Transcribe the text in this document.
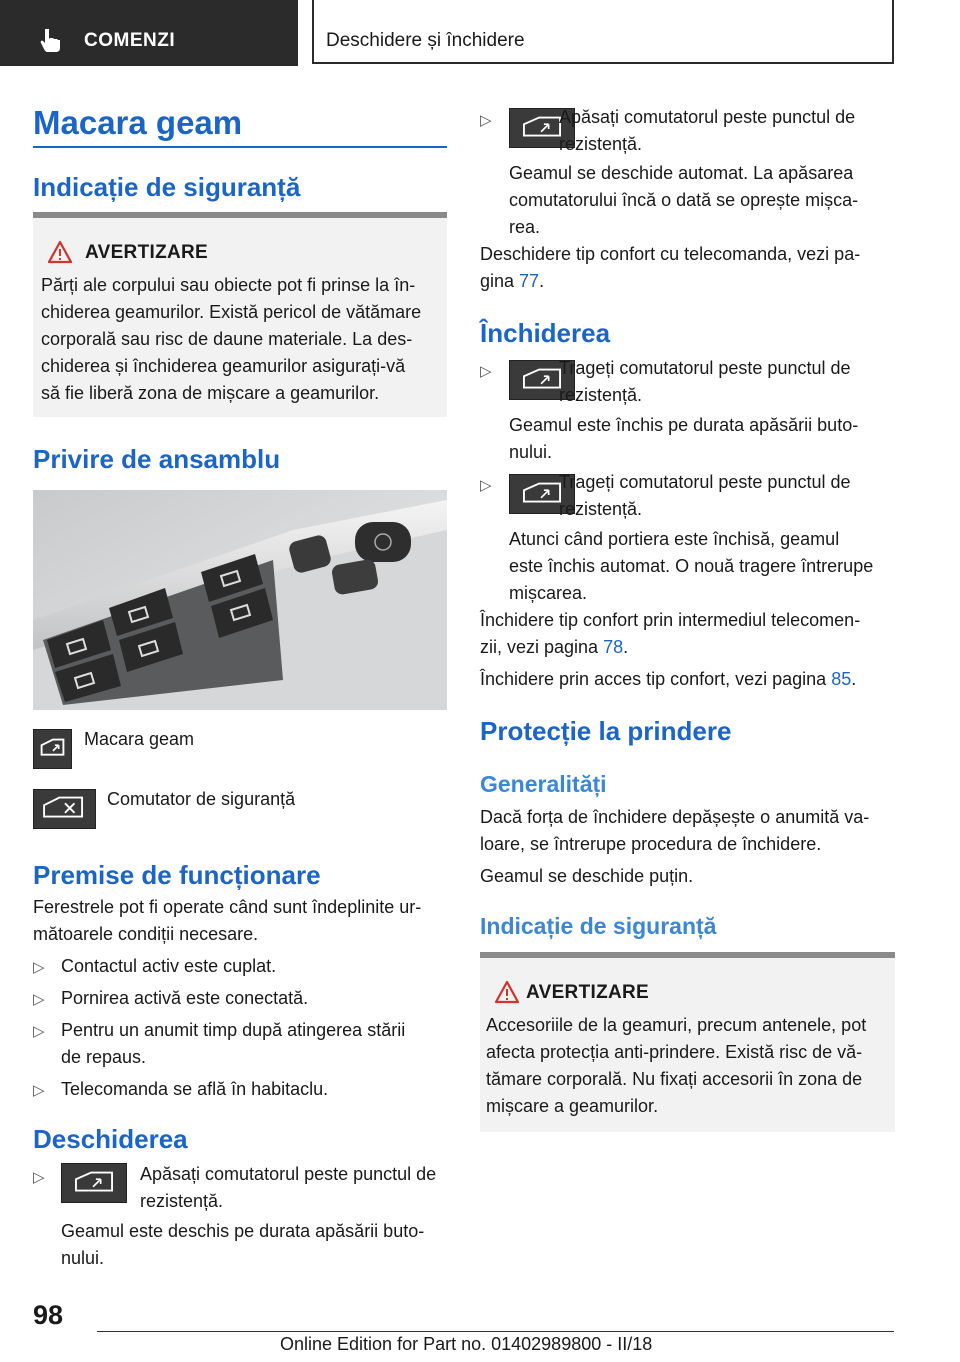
COMENZI	Deschidere și închidere
Macara geam
Indicație de siguranță
AVERTIZARE
Părți ale corpului sau obiecte pot fi prinse la în-
chiderea geamurilor. Există pericol de vătămare
corporală sau risc de daune materiale. La des-
chiderea și închiderea geamurilor asigurați-vă
să fie liberă zona de mișcare a geamurilor.
Privire de ansamblu
Macara geam
Comutator de siguranță
Premise de funcționare
Ferestrele pot fi operate când sunt îndeplinite ur-
mătoarele condiții necesare.
▷ Contactul activ este cuplat.
▷ Pornirea activă este conectată.
▷ Pentru un anumit timp după atingerea stării
de repaus.
▷ Telecomanda se află în habitaclu.
Deschiderea
▷	Apăsați comutatorul peste punctul de
rezistență.
Geamul este deschis pe durata apăsării buto-
nului.
▷	Apăsați comutatorul peste punctul de
rezistență.
Geamul se deschide automat. La apăsarea
comutatorului încă o dată se oprește mișca-
rea.
Deschidere tip confort cu telecomanda, vezi pa-
gina 77.
Închiderea
▷	Trageți comutatorul peste punctul de
rezistență.
Geamul este închis pe durata apăsării buto-
nului.
▷	Trageți comutatorul peste punctul de
rezistență.
Atunci când portiera este închisă, geamul
este închis automat. O nouă tragere întrerupe
mișcarea.
Închidere tip confort prin intermediul telecomen-
zii, vezi pagina 78.
Închidere prin acces tip confort, vezi pagina 85.
Protecție la prindere
Generalități
Dacă forța de închidere depășește o anumită va-
loare, se întrerupe procedura de închidere.
Geamul se deschide puțin.
Indicație de siguranță
AVERTIZARE
Accesoriile de la geamuri, precum antenele, pot
afecta protecția anti-prindere. Există risc de vă-
tămare corporală. Nu fixați accesorii în zona de
mișcare a geamurilor.
98
Online Edition for Part no. 01402989800 - II/18
